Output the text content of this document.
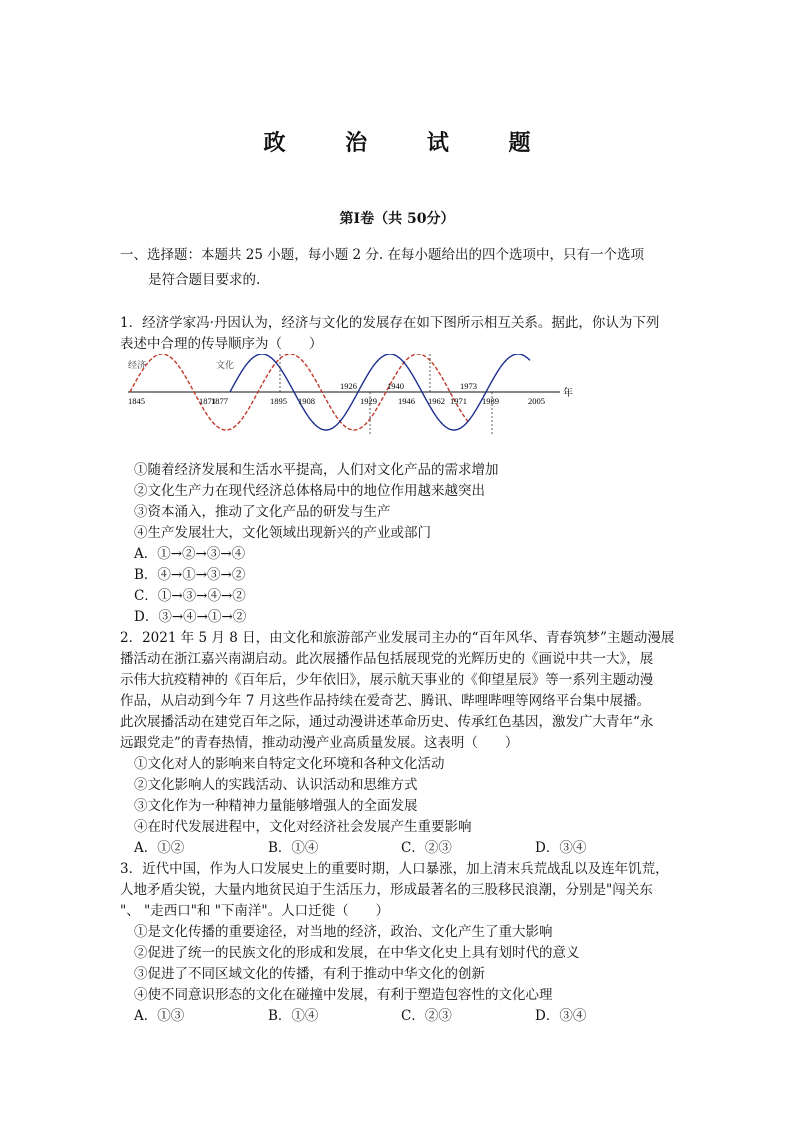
政 治 试 题
第Ⅰ卷（共 50分）
一、选择题：本题共 25 小题，每小题 2 分. 在每小题给出的四个选项中，只有一个选项
是符合题目要求的.
1．经济学家冯·丹因认为，经济与文化的发展存在如下图所示相互关系。据此，你认为下列
表述中合理的传导顺序为（　　）
年
经济	文化
1845	1871
1877	1895 1908	1929 1946 1962 1971 1989	2005
1926	1940	1973
①随着经济发展和生活水平提高，人们对文化产品的需求增加
②文化生产力在现代经济总体格局中的地位作用越来越突出
③资本涌入，推动了文化产品的研发与生产
④生产发展壮大，文化领域出现新兴的产业或部门
A．①→②→③→④
B．④→①→③→②
C．①→③→④→②
D．③→④→①→②
2．2021 年 5 月 8 日，由文化和旅游部产业发展司主办的“百年风华、青春筑梦”主题动漫展
播活动在浙江嘉兴南湖启动。此次展播作品包括展现党的光辉历史的《画说中共一大》，展
示伟大抗疫精神的《百年后，少年依旧》，展示航天事业的《仰望星辰》等一系列主题动漫
作品，从启动到今年 7 月这些作品持续在爱奇艺、腾讯、哔哩哔哩等网络平台集中展播。
此次展播活动在建党百年之际，通过动漫讲述革命历史、传承红色基因，激发广大青年“永
远跟党走”的青春热情，推动动漫产业高质量发展。这表明（　　）
①文化对人的影响来自特定文化环境和各种文化活动
②文化影响人的实践活动、认识活动和思维方式
③文化作为一种精神力量能够增强人的全面发展
④在时代发展进程中，文化对经济社会发展产生重要影响
A．①②	B．①④	C．②③	D．③④
3．近代中国，作为人口发展史上的重要时期，人口暴涨，加上清末兵荒战乱以及连年饥荒，
人地矛盾尖锐，大量内地贫民迫于生活压力，形成最著名的三股移民浪潮，分别是"闯关东
"、 "走西口"和 "下南洋"。人口迁徙（　　）
①是文化传播的重要途径，对当地的经济，政治、文化产生了重大影响
②促进了统一的民族文化的形成和发展，在中华文化史上具有划时代的意义
③促进了不同区域文化的传播，有利于推动中华文化的创新
④使不同意识形态的文化在碰撞中发展，有利于塑造包容性的文化心理
A．①③	B．①④	C．②③	D．③④
